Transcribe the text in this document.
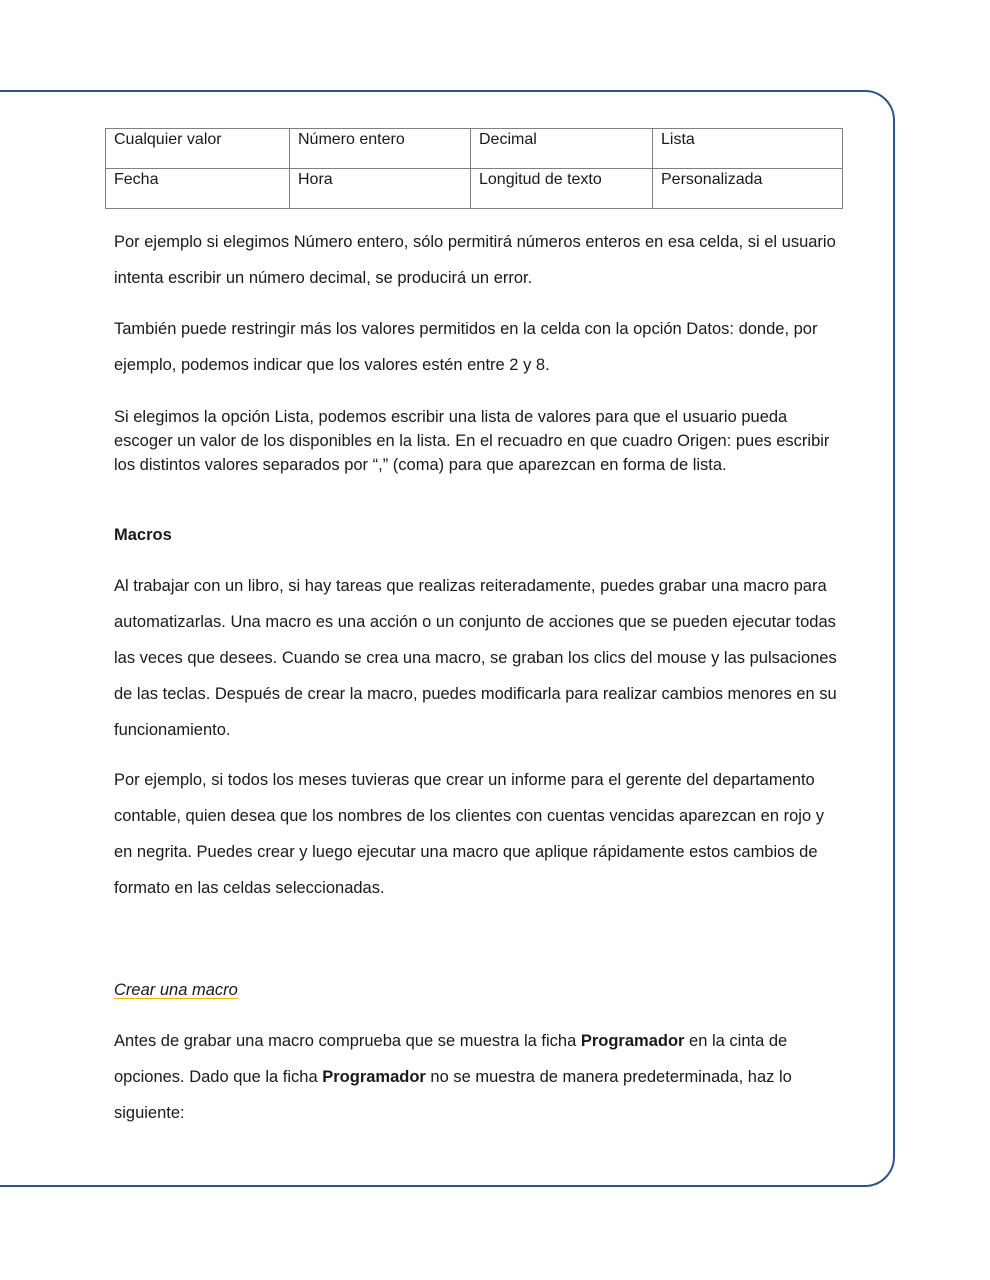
Cualquier valor	Número entero	Decimal	Lista
Fecha	Hora	Longitud de texto	Personalizada

Por ejemplo si elegimos Número entero, sólo permitirá números enteros en esa celda, si el usuario intenta escribir un número decimal, se producirá un error.

También puede restringir más los valores permitidos en la celda con la opción Datos: donde, por ejemplo, podemos indicar que los valores estén entre 2 y 8.

Si elegimos la opción Lista, podemos escribir una lista de valores para que el usuario pueda escoger un valor de los disponibles en la lista. En el recuadro en que cuadro Origen: pues escribir los distintos valores separados por “,” (coma) para que aparezcan en forma de lista.

Macros

Al trabajar con un libro, si hay tareas que realizas reiteradamente, puedes grabar una macro para automatizarlas. Una macro es una acción o un conjunto de acciones que se pueden ejecutar todas las veces que desees. Cuando se crea una macro, se graban los clics del mouse y las pulsaciones de las teclas. Después de crear la macro, puedes modificarla para realizar cambios menores en su funcionamiento.

Por ejemplo, si todos los meses tuvieras que crear un informe para el gerente del departamento contable, quien desea que los nombres de los clientes con cuentas vencidas aparezcan en rojo y en negrita. Puedes crear y luego ejecutar una macro que aplique rápidamente estos cambios de formato en las celdas seleccionadas.

Crear una macro

Antes de grabar una macro comprueba que se muestra la ficha Programador en la cinta de opciones. Dado que la ficha Programador no se muestra de manera predeterminada, haz lo siguiente:
